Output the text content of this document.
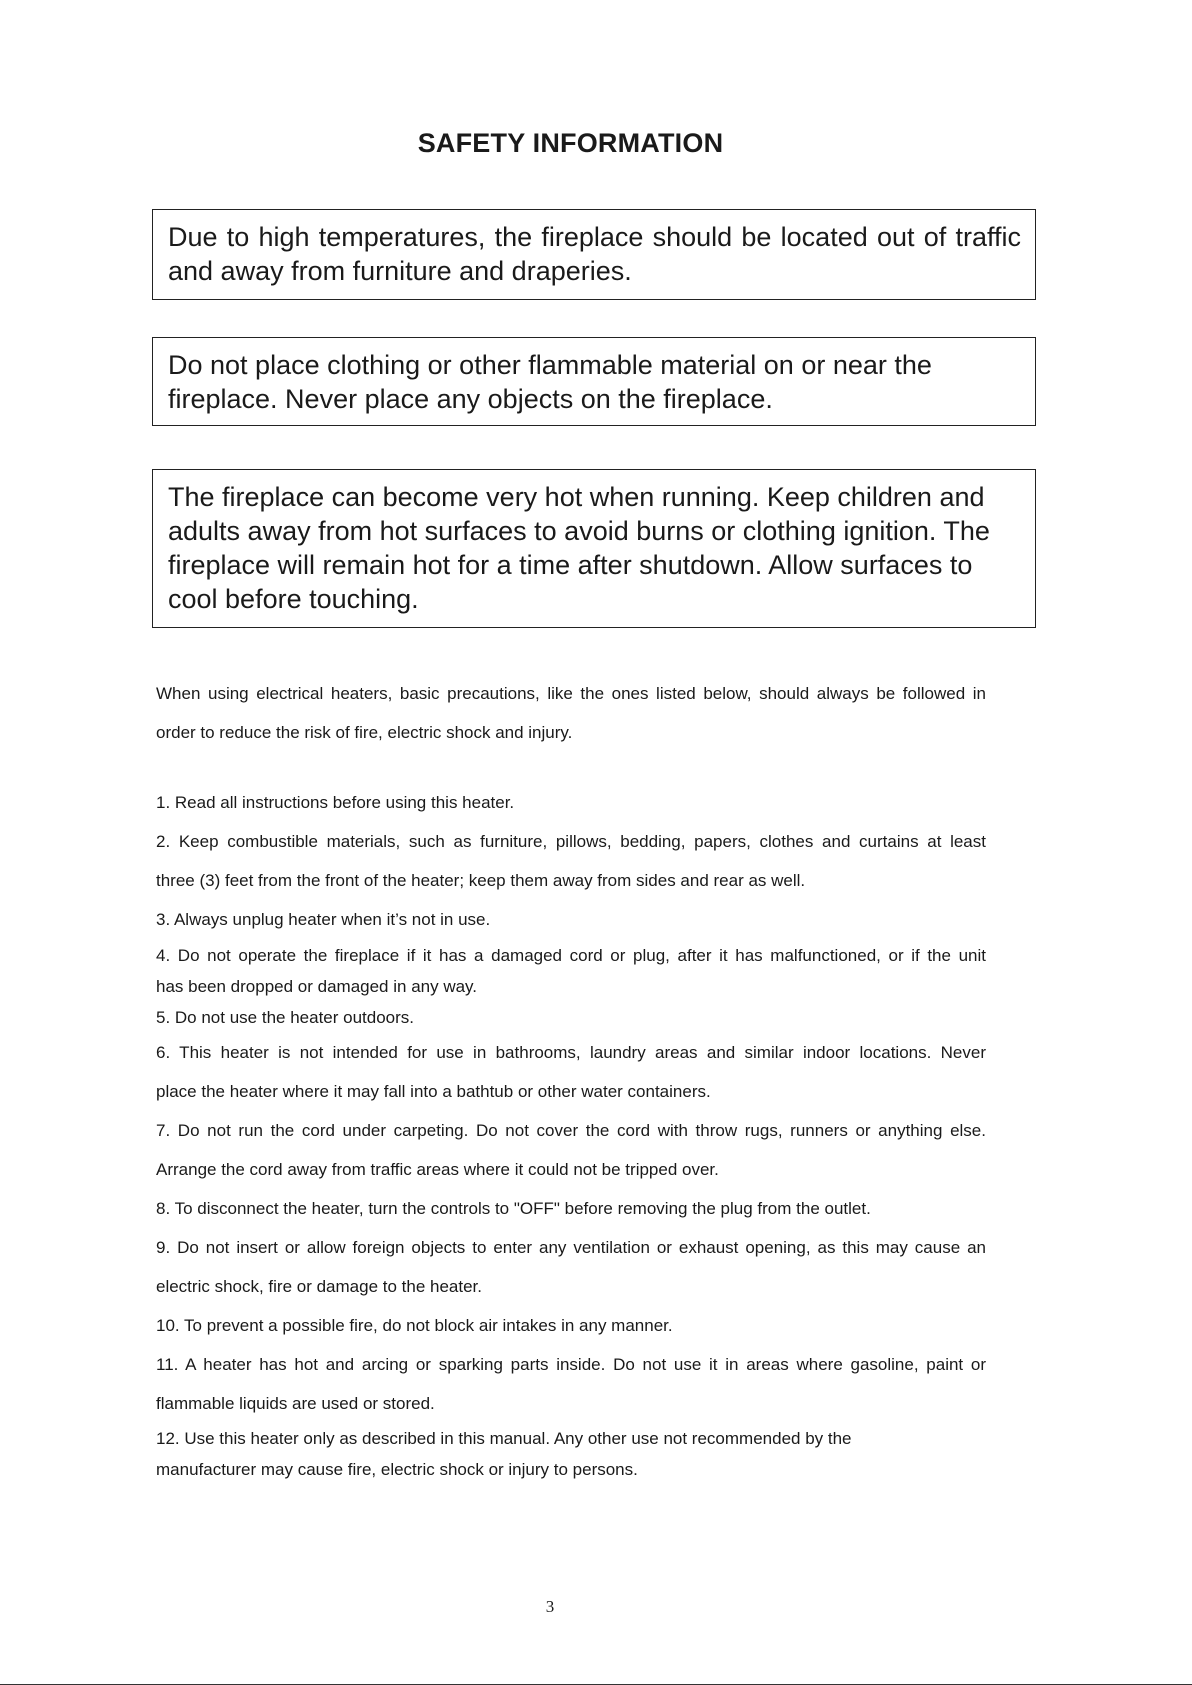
SAFETY INFORMATION
Due to high temperatures, the fireplace should be located out of traffic and away from furniture and draperies.
Do not place clothing or other flammable material on or near the fireplace. Never place any objects on the fireplace.
The fireplace can become very hot when running. Keep children and adults away from hot surfaces to avoid burns or clothing ignition. The fireplace will remain hot for a time after shutdown. Allow surfaces to cool before touching.

When using electrical heaters, basic precautions, like the ones listed below, should always be followed in

order to reduce the risk of fire, electric shock and injury.

1. Read all instructions before using this heater.

2. Keep combustible materials, such as furniture, pillows, bedding, papers, clothes and curtains at least

three (3) feet from the front of the heater; keep them away from sides and rear as well.

3. Always unplug heater when it’s not in use.

4. Do not operate the fireplace if it has a damaged cord or plug, after it has malfunctioned, or if the unit

has been dropped or damaged in any way.

5. Do not use the heater outdoors.

6. This heater is not intended for use in bathrooms, laundry areas and similar indoor locations. Never

place the heater where it may fall into a bathtub or other water containers.

7. Do not run the cord under carpeting. Do not cover the cord with throw rugs, runners or anything else.

Arrange the cord away from traffic areas where it could not be tripped over.

8. To disconnect the heater, turn the controls to "OFF" before removing the plug from the outlet.

9. Do not insert or allow foreign objects to enter any ventilation or exhaust opening, as this may cause an

electric shock, fire or damage to the heater.

10. To prevent a possible fire, do not block air intakes in any manner.

11. A heater has hot and arcing or sparking parts inside. Do not use it in areas where gasoline, paint or

flammable liquids are used or stored.

12. Use this heater only as described in this manual. Any other use not recommended by the

manufacturer may cause fire, electric shock or injury to persons.

3
